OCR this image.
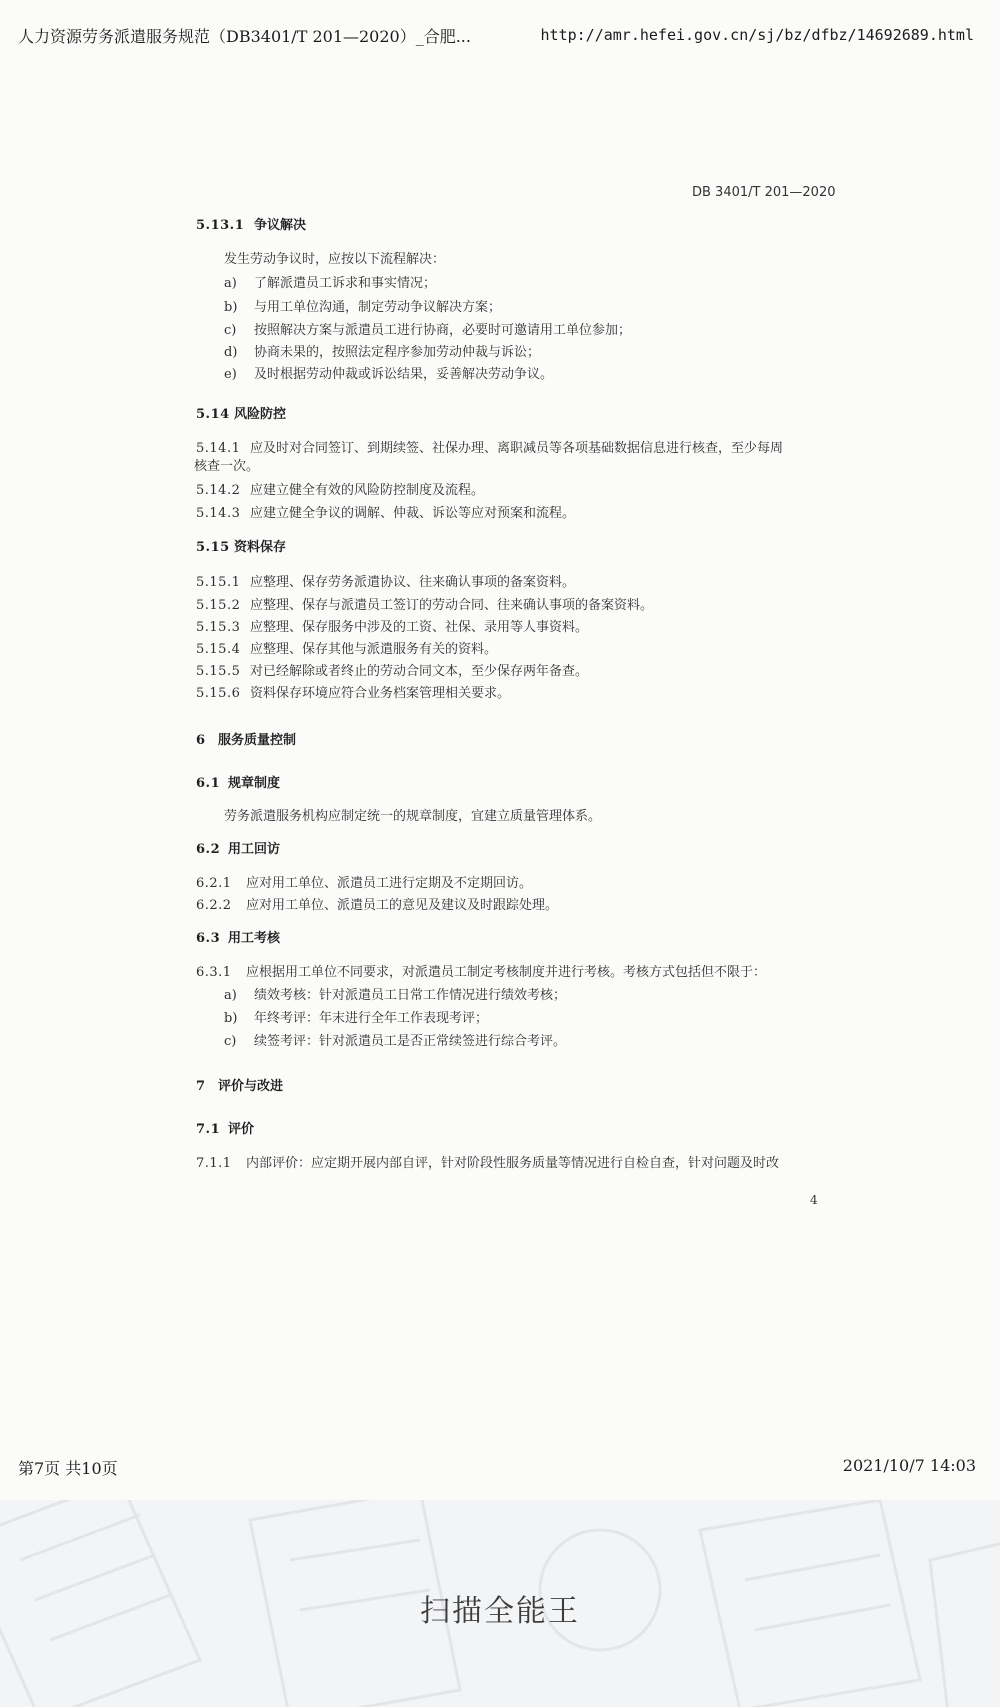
人力资源劳务派遣服务规范（DB3401/T 201—2020）_合肥...	http://amr.hefei.gov.cn/sj/bz/dfbz/14692689.html
DB 3401/T 201—2020
5.13.1 争议解决
发生劳动争议时，应按以下流程解决：
a) 了解派遣员工诉求和事实情况；
b) 与用工单位沟通，制定劳动争议解决方案；
c) 按照解决方案与派遣员工进行协商，必要时可邀请用工单位参加；
d) 协商未果的，按照法定程序参加劳动仲裁与诉讼；
e) 及时根据劳动仲裁或诉讼结果，妥善解决劳动争议。
5.14 风险防控
5.14.1 应及时对合同签订、到期续签、社保办理、离职减员等各项基础数据信息进行核查，至少每周
核查一次。
5.14.2 应建立健全有效的风险防控制度及流程。
5.14.3 应建立健全争议的调解、仲裁、诉讼等应对预案和流程。
5.15 资料保存
5.15.1 应整理、保存劳务派遣协议、往来确认事项的备案资料。
5.15.2 应整理、保存与派遣员工签订的劳动合同、往来确认事项的备案资料。
5.15.3 应整理、保存服务中涉及的工资、社保、录用等人事资料。
5.15.4 应整理、保存其他与派遣服务有关的资料。
5.15.5 对已经解除或者终止的劳动合同文本，至少保存两年备查。
5.15.6 资料保存环境应符合业务档案管理相关要求。
6 服务质量控制
6.1 规章制度
劳务派遣服务机构应制定统一的规章制度，宜建立质量管理体系。
6.2 用工回访
6.2.1 应对用工单位、派遣员工进行定期及不定期回访。
6.2.2 应对用工单位、派遣员工的意见及建议及时跟踪处理。
6.3 用工考核
6.3.1 应根据用工单位不同要求，对派遣员工制定考核制度并进行考核。考核方式包括但不限于：
a) 绩效考核：针对派遣员工日常工作情况进行绩效考核；
b) 年终考评：年末进行全年工作表现考评；
c) 续签考评：针对派遣员工是否正常续签进行综合考评。
7 评价与改进
7.1 评价
7.1.1 内部评价：应定期开展内部自评，针对阶段性服务质量等情况进行自检自查，针对问题及时改
4
第7页 共10页	2021/10/7 14:03
扫描全能王
